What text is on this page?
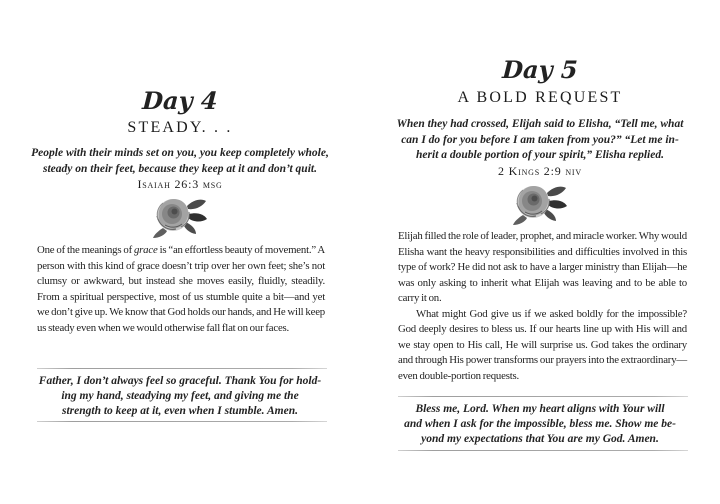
Day 4
STEADY. . .
People with their minds set on you, you keep completely whole,
steady on their feet, because they keep at it and don’t quit.
Isaiah 26:3 msg

One of the meanings of grace is “an effortless beauty of movement.” A person with this kind of grace doesn’t trip over her own feet; she’s not clumsy or awkward, but instead she moves easily, fluidly, steadily. From a spiritual perspective, most of us stumble quite a bit—and yet we don’t give up. We know that God holds our hands, and He will keep us steady even when we would otherwise fall flat on our faces.

Father, I don’t always feel so graceful. Thank You for hold-
ing my hand, steadying my feet, and giving me the
strength to keep at it, even when I stumble. Amen.
Day 5
A BOLD REQUEST
When they had crossed, Elijah said to Elisha, “Tell me, what
can I do for you before I am taken from you?” “Let me in-
herit a double portion of your spirit,” Elisha replied.
2 Kings 2:9 niv

Elijah filled the role of leader, prophet, and miracle worker. Why would Elisha want the heavy responsibilities and difficulties involved in this type of work? He did not ask to have a larger ministry than Elijah—he was only asking to inherit what Elijah was leaving and to be able to carry it on.

What might God give us if we asked boldly for the impossible? God deeply desires to bless us. If our hearts line up with His will and we stay open to His call, He will surprise us. God takes the ordinary and through His power transforms our prayers into the extraordinary—even double-portion requests.

Bless me, Lord. When my heart aligns with Your will
and when I ask for the impossible, bless me. Show me be-
yond my expectations that You are my God. Amen.
